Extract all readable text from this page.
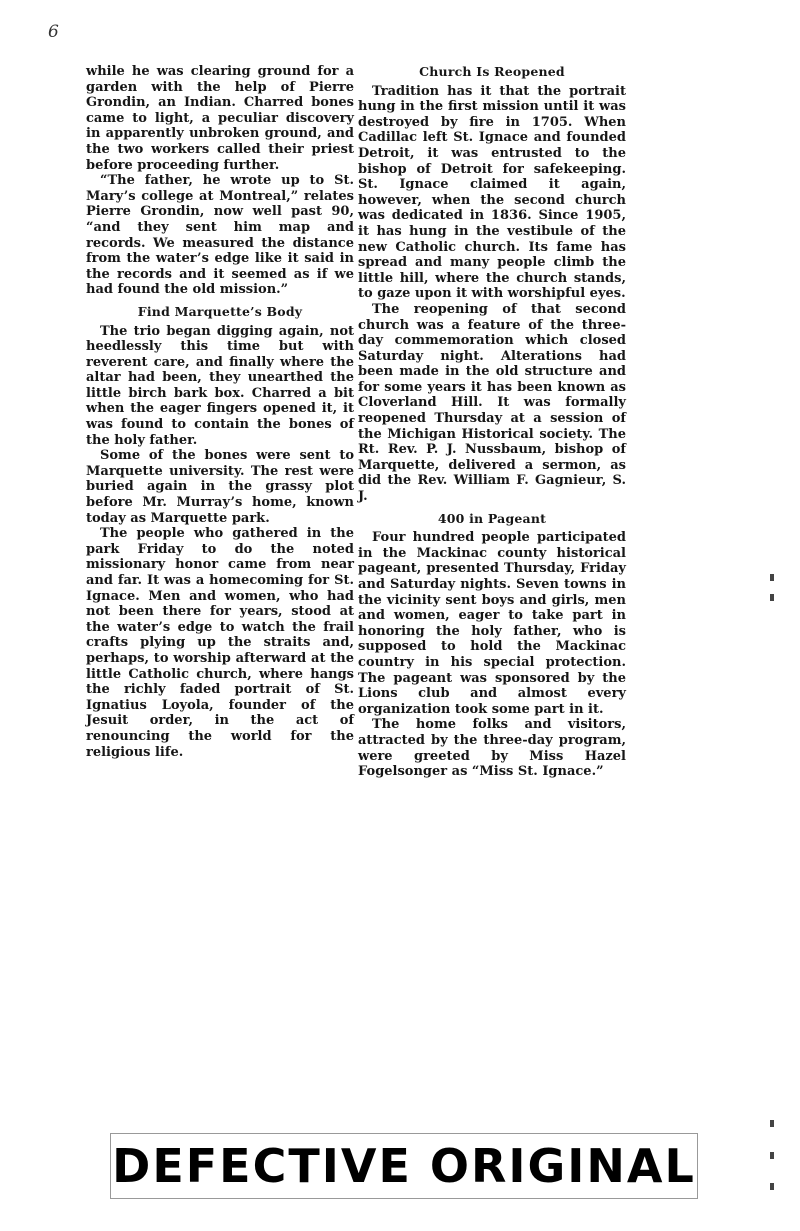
6

while he was clearing ground for a garden with the help of Pierre Grondin, an Indian. Charred bones came to light, a peculiar discovery in apparently unbroken ground, and the two workers called their priest before proceeding further.

“The father, he wrote up to St. Mary’s college at Montreal,” relates Pierre Grondin, now well past 90, “and they sent him map and records. We measured the distance from the water’s edge like it said in the records and it seemed as if we had found the old mission.”

Find Marquette’s Body

The trio began digging again, not heedlessly this time but with reverent care, and finally where the altar had been, they unearthed the little birch bark box. Charred a bit when the eager fingers opened it, it was found to contain the bones of the holy father.

Some of the bones were sent to Marquette university. The rest were buried again in the grassy plot before Mr. Murray’s home, known today as Marquette park.

The people who gathered in the park Friday to do the noted missionary honor came from near and far. It was a homecoming for St. Ignace. Men and women, who had not been there for years, stood at the water’s edge to watch the frail crafts plying up the straits and, perhaps, to worship afterward at the little Catholic church, where hangs the richly faded portrait of St. Ignatius Loyola, founder of the Jesuit order, in the act of renouncing the world for the religious life.

Church Is Reopened

Tradition has it that the portrait hung in the first mission until it was destroyed by fire in 1705. When Cadillac left St. Ignace and founded Detroit, it was entrusted to the bishop of Detroit for safekeeping. St. Ignace claimed it again, however, when the second church was dedicated in 1836. Since 1905, it has hung in the vestibule of the new Catholic church. Its fame has spread and many people climb the little hill, where the church stands, to gaze upon it with worshipful eyes.

The reopening of that second church was a feature of the three-day commemoration which closed Saturday night. Alterations had been made in the old structure and for some years it has been known as Cloverland Hill. It was formally reopened Thursday at a session of the Michigan Historical society. The Rt. Rev. P. J. Nussbaum, bishop of Marquette, delivered a sermon, as did the Rev. William F. Gagnieur, S. J.

400 in Pageant

Four hundred people participated in the Mackinac county historical pageant, presented Thursday, Friday and Saturday nights. Seven towns in the vicinity sent boys and girls, men and women, eager to take part in honoring the holy father, who is supposed to hold the Mackinac country in his special protection. The pageant was sponsored by the Lions club and almost every organization took some part in it.

The home folks and visitors, attracted by the three-day program, were greeted by Miss Hazel Fogelsonger as “Miss St. Ignace.”

DEFECTIVE ORIGINAL
